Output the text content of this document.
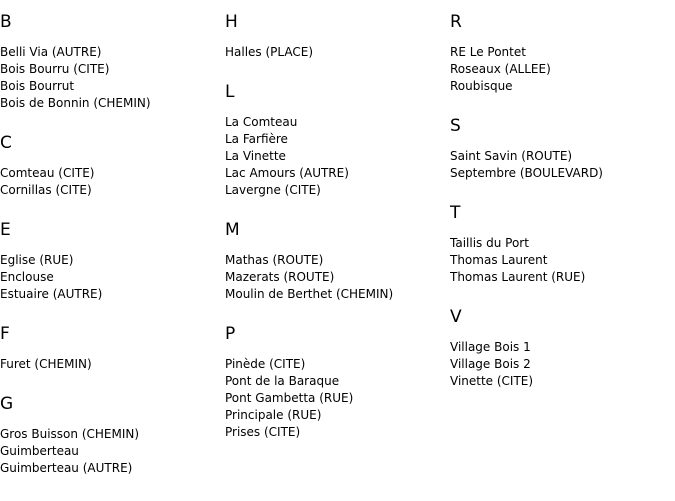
B
Belli Via (AUTRE)
Bois Bourru (CITE)
Bois Bourrut
Bois de Bonnin (CHEMIN)
C
Comteau (CITE)
Cornillas (CITE)
E
Eglise (RUE)
Enclouse
Estuaire (AUTRE)
F
Furet (CHEMIN)
G
Gros Buisson (CHEMIN)
Guimberteau
Guimberteau (AUTRE)
H
Halles (PLACE)
L
La Comteau
La Farfière
La Vinette
Lac Amours (AUTRE)
Lavergne (CITE)
M
Mathas (ROUTE)
Mazerats (ROUTE)
Moulin de Berthet (CHEMIN)
P
Pinède (CITE)
Pont de la Baraque
Pont Gambetta (RUE)
Principale (RUE)
Prises (CITE)
R
RE Le Pontet
Roseaux (ALLEE)
Roubisque
S
Saint Savin (ROUTE)
Septembre (BOULEVARD)
T
Taillis du Port
Thomas Laurent
Thomas Laurent (RUE)
V
Village Bois 1
Village Bois 2
Vinette (CITE)
